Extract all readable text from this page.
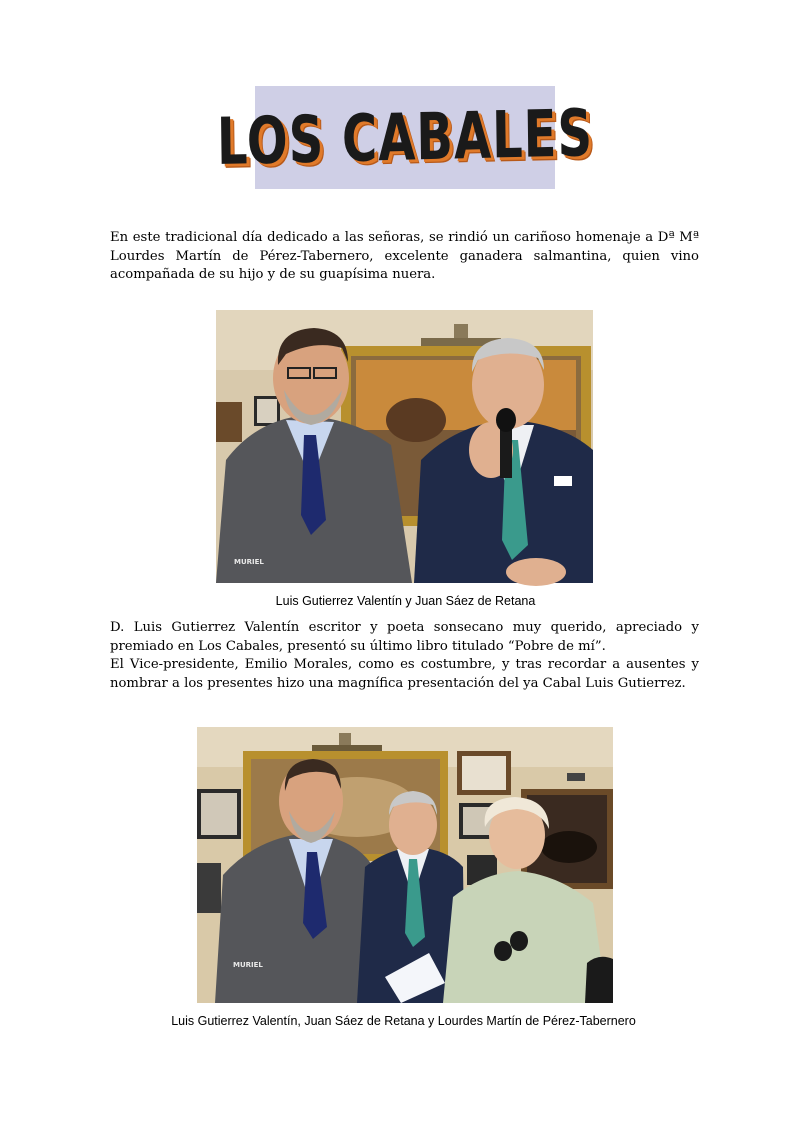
LOS CABALES

En este tradicional día dedicado a las señoras, se rindió un cariñoso homenaje a Dª Mª Lourdes Martín de Pérez-Tabernero, excelente ganadera salmantina, quien vino acompañada de su hijo y de su guapísima nuera.

MURIEL
Luis Gutierrez Valentín y Juan Sáez de Retana
D. Luis Gutierrez Valentín escritor y poeta sonsecano muy querido, apreciado y premiado en Los Cabales, presentó su último libro titulado “Pobre de mí”.
El Vice-presidente, Emilio Morales, como es costumbre, y tras recordar a ausentes y nombrar a los presentes hizo una magnífica presentación del ya Cabal Luis Gutierrez.
MURIEL
Luis Gutierrez Valentín, Juan Sáez de Retana y Lourdes Martín de Pérez-Tabernero
